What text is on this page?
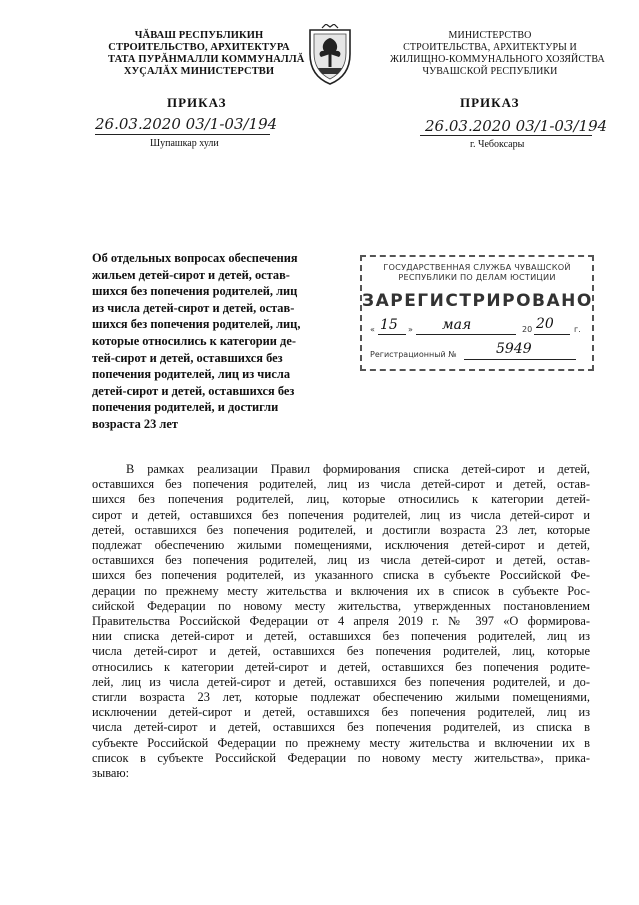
ЧĂВАШ РЕСПУБЛИКИН
СТРОИТЕЛЬСТВО, АРХИТЕКТУРА
ТАТА ПУРĂНМАЛЛИ КОММУНАЛЛĂ
ХУÇАЛĂХ МИНИСТЕРСТВИ
МИНИСТЕРСТВО
СТРОИТЕЛЬСТВА, АРХИТЕКТУРЫ И
ЖИЛИЩНО-КОММУНАЛЬНОГО ХОЗЯЙСТВА
ЧУВАШСКОЙ РЕСПУБЛИКИ
ПРИКАЗ	ПРИКАЗ
26.03.2020 03/1-03/194
Шупашкар хули
26.03.2020 03/1-03/194
г. Чебоксары
Об отдельных вопросах обеспечения
жильем детей-сирот и детей, остав-
шихся без попечения родителей, лиц
из числа детей-сирот и детей, остав-
шихся без попечения родителей, лиц,
которые относились к категории де-
тей-сирот и детей, оставшихся без
попечения родителей, лиц из числа
детей-сирот и детей, оставшихся без
попечения родителей, и достигли
возраста 23 лет
ГОСУДАРСТВЕННАЯ СЛУЖБА ЧУВАШСКОЙ
РЕСПУБЛИКИ ПО ДЕЛАМ ЮСТИЦИИ
ЗАРЕГИСТРИРОВАНО
« 15 » мая	20 20	г.
Регистрационный №	5949
В рамках реализации Правил формирования списка детей-сирот и детей,
оставшихся без попечения родителей, лиц из числа детей-сирот и детей, остав-
шихся без попечения родителей, лиц, которые относились к категории детей-
сирот и детей, оставшихся без попечения родителей, лиц из числа детей-сирот и
детей, оставшихся без попечения родителей, и достигли возраста 23 лет, которые
подлежат обеспечению жилыми помещениями, исключения детей-сирот и детей,
оставшихся без попечения родителей, лиц из числа детей-сирот и детей, остав-
шихся без попечения родителей, из указанного списка в субъекте Российской Фе-
дерации по прежнему месту жительства и включения их в список в субъекте Рос-
сийской Федерации по новому месту жительства, утвержденных постановлением
Правительства Российской Федерации от 4 апреля 2019 г. № 397 «О формирова-
нии списка детей-сирот и детей, оставшихся без попечения родителей, лиц из
числа детей-сирот и детей, оставшихся без попечения родителей, лиц, которые
относились к категории детей-сирот и детей, оставшихся без попечения родите-
лей, лиц из числа детей-сирот и детей, оставшихся без попечения родителей, и до-
стигли возраста 23 лет, которые подлежат обеспечению жилыми помещениями,
исключении детей-сирот и детей, оставшихся без попечения родителей, лиц из
числа детей-сирот и детей, оставшихся без попечения родителей, из списка в
субъекте Российской Федерации по прежнему месту жительства и включении их в
список в субъекте Российской Федерации по новому месту жительства», прика-
зываю:
